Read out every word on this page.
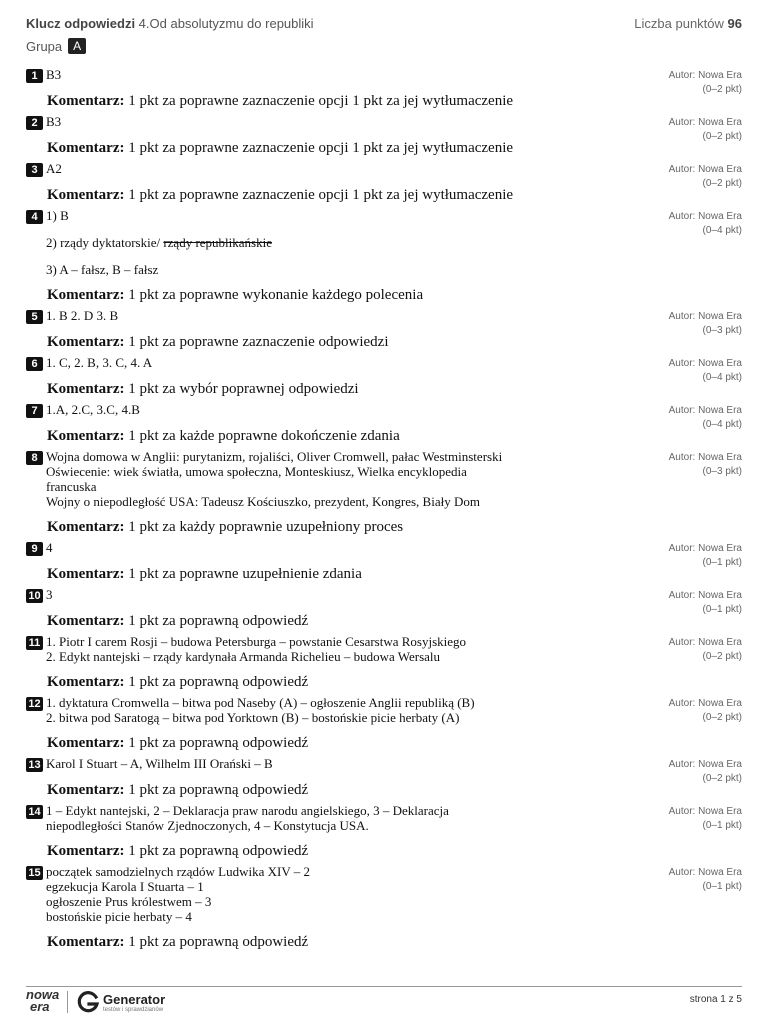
Klucz odpowiedzi 4.Od absolutyzmu do republiki	Liczba punktów 96
Grupa A
1 B3	Autor: Nowa Era
(0–2 pkt)
Komentarz: 1 pkt za poprawne zaznaczenie opcji 1 pkt za jej wytłumaczenie
2 B3	Autor: Nowa Era
(0–2 pkt)
Komentarz: 1 pkt za poprawne zaznaczenie opcji 1 pkt za jej wytłumaczenie
3 A2	Autor: Nowa Era
(0–2 pkt)
Komentarz: 1 pkt za poprawne zaznaczenie opcji 1 pkt za jej wytłumaczenie
4 1) B
2) rządy dyktatorskie/ rządy republikańskie
3) A – fałsz, B – fałsz
Autor: Nowa Era
(0–4 pkt)
Komentarz: 1 pkt za poprawne wykonanie każdego polecenia
5 1. B 2. D 3. B	Autor: Nowa Era
(0–3 pkt)
Komentarz: 1 pkt za poprawne zaznaczenie odpowiedzi
6 1. C, 2. B, 3. C, 4. A	Autor: Nowa Era
(0–4 pkt)
Komentarz: 1 pkt za wybór poprawnej odpowiedzi
7 1.A, 2.C, 3.C, 4.B	Autor: Nowa Era
(0–4 pkt)
Komentarz: 1 pkt za każde poprawne dokończenie zdania
8 Wojna domowa w Anglii: purytanizm, rojaliści, Oliver Cromwell, pałac Westminsterski
Oświecenie: wiek światła, umowa społeczna, Monteskiusz, Wielka encyklopedia
francuska
Wojny o niepodległość USA: Tadeusz Kościuszko, prezydent, Kongres, Biały Dom
Autor: Nowa Era
(0–3 pkt)
Komentarz: 1 pkt za każdy poprawnie uzupełniony proces
9 4	Autor: Nowa Era
(0–1 pkt)
Komentarz: 1 pkt za poprawne uzupełnienie zdania
10 3	Autor: Nowa Era
(0–1 pkt)
Komentarz: 1 pkt za poprawną odpowiedź
11 1. Piotr I carem Rosji – budowa Petersburga – powstanie Cesarstwa Rosyjskiego
2. Edykt nantejski – rządy kardynała Armanda Richelieu – budowa Wersalu
Autor: Nowa Era
(0–2 pkt)
Komentarz: 1 pkt za poprawną odpowiedź
12 1. dyktatura Cromwella – bitwa pod Naseby (A) – ogłoszenie Anglii republiką (B)
2. bitwa pod Saratogą – bitwa pod Yorktown (B) – bostońskie picie herbaty (A)
Autor: Nowa Era
(0–2 pkt)
Komentarz: 1 pkt za poprawną odpowiedź
13 Karol I Stuart – A, Wilhelm III Orański – B	Autor: Nowa Era
(0–2 pkt)
Komentarz: 1 pkt za poprawną odpowiedź
14 1 – Edykt nantejski, 2 – Deklaracja praw narodu angielskiego, 3 – Deklaracja
niepodległości Stanów Zjednoczonych, 4 – Konstytucja USA.
Autor: Nowa Era
(0–1 pkt)
Komentarz: 1 pkt za poprawną odpowiedź
15 początek samodzielnych rządów Ludwika XIV – 2
egzekucja Karola I Stuarta – 1
ogłoszenie Prus królestwem – 3
bostońskie picie herbaty – 4
Autor: Nowa Era
(0–1 pkt)
Komentarz: 1 pkt za poprawną odpowiedź
nowa
era	Generator
testów i sprawdzianów
strona 1 z 5
